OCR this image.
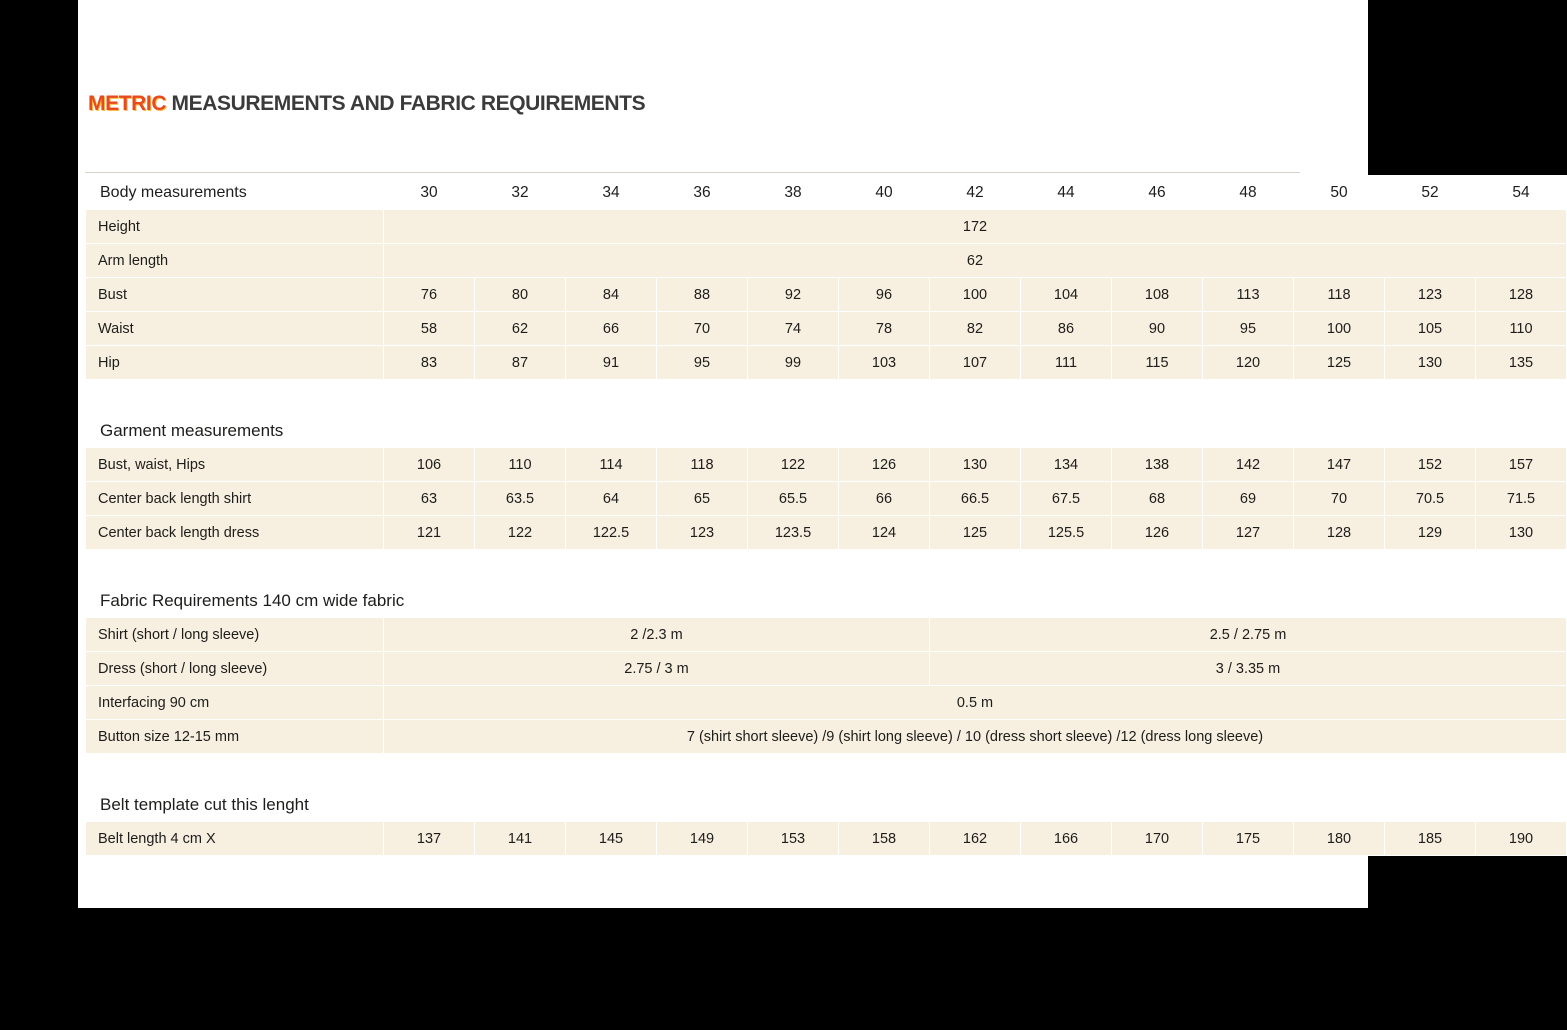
METRIC MEASUREMENTS AND FABRIC REQUIREMENTS
Body measurements	30	32	34	36	38	40	42	44	46	48	50	52	54
Height	172												
Arm length	62												
Bust	76	80	84	88	92	96	100	104	108	113	118	123	128
Waist	58	62	66	70	74	78	82	86	90	95	100	105	110
Hip	83	87	91	95	99	103	107	111	115	120	125	130	135

Garment measurements													
Bust, waist, Hips	106	110	114	118	122	126	130	134	138	142	147	152	157
Center back length shirt	63	63.5	64	65	65.5	66	66.5	67.5	68	69	70	70.5	71.5
Center back length dress	121	122	122.5	123	123.5	124	125	125.5	126	127	128	129	130

Fabric Requirements 140 cm wide fabric													
Shirt (short / long sleeve)	2 /2.3 m						2.5 / 2.75 m						
Dress (short / long sleeve)	2.75 / 3 m						3 / 3.35 m						
Interfacing 90 cm	0.5 m												
Button size 12-15 mm	7 (shirt short sleeve) /9 (shirt long sleeve) / 10 (dress short sleeve) /12 (dress long sleeve)												

Belt template cut this lenght													
Belt length 4 cm X	137	141	145	149	153	158	162	166	170	175	180	185	190
